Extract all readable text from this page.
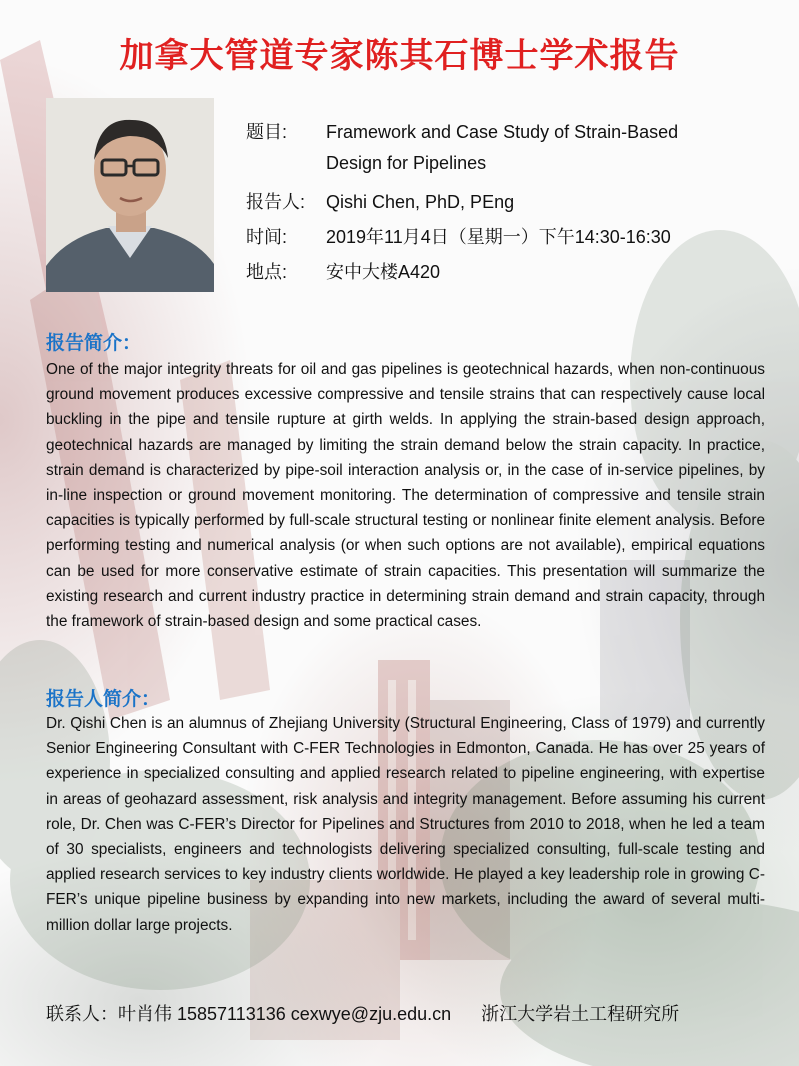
加拿大管道专家陈其石博士学术报告
题目: Framework and Case Study of Strain-Based
Design for Pipelines
报告人: Qishi Chen, PhD, PEng
时间: 2019年11月4日（星期一）下午14:30-16:30
地点: 安中大楼A420
报告简介：
One of the major integrity threats for oil and gas pipelines is geotechnical hazards, when non-continuous ground movement produces excessive compressive and tensile strains that can respectively cause local buckling in the pipe and tensile rupture at girth welds. In applying the strain-based design approach, geotechnical hazards are managed by limiting the strain demand below the strain capacity. In practice, strain demand is characterized by pipe-soil interaction analysis or, in the case of in-service pipelines, by in-line inspection or ground movement monitoring. The determination of compressive and tensile strain capacities is typically performed by full-scale structural testing or nonlinear finite element analysis. Before performing testing and numerical analysis (or when such options are not available), empirical equations can be used for more conservative estimate of strain capacities. This presentation will summarize the existing research and current industry practice in determining strain demand and strain capacity, through the framework of strain-based design and some practical cases.
报告人简介：
Dr. Qishi Chen is an alumnus of Zhejiang University (Structural Engineering, Class of 1979) and currently Senior Engineering Consultant with C-FER Technologies in Edmonton, Canada. He has over 25 years of experience in specialized consulting and applied research related to pipeline engineering, with expertise in areas of geohazard assessment, risk analysis and integrity management. Before assuming his current role, Dr. Chen was C-FER’s Director for Pipelines and Structures from 2010 to 2018, when he led a team of 30 specialists, engineers and technologists delivering specialized consulting, full-scale testing and applied research services to key industry clients worldwide. He played a key leadership role in growing C-FER’s unique pipeline business by expanding into new markets, including the award of several multi-million dollar large projects.
联系人：叶肖伟 15857113136 cexwye@zju.edu.cn 浙江大学岩土工程研究所
